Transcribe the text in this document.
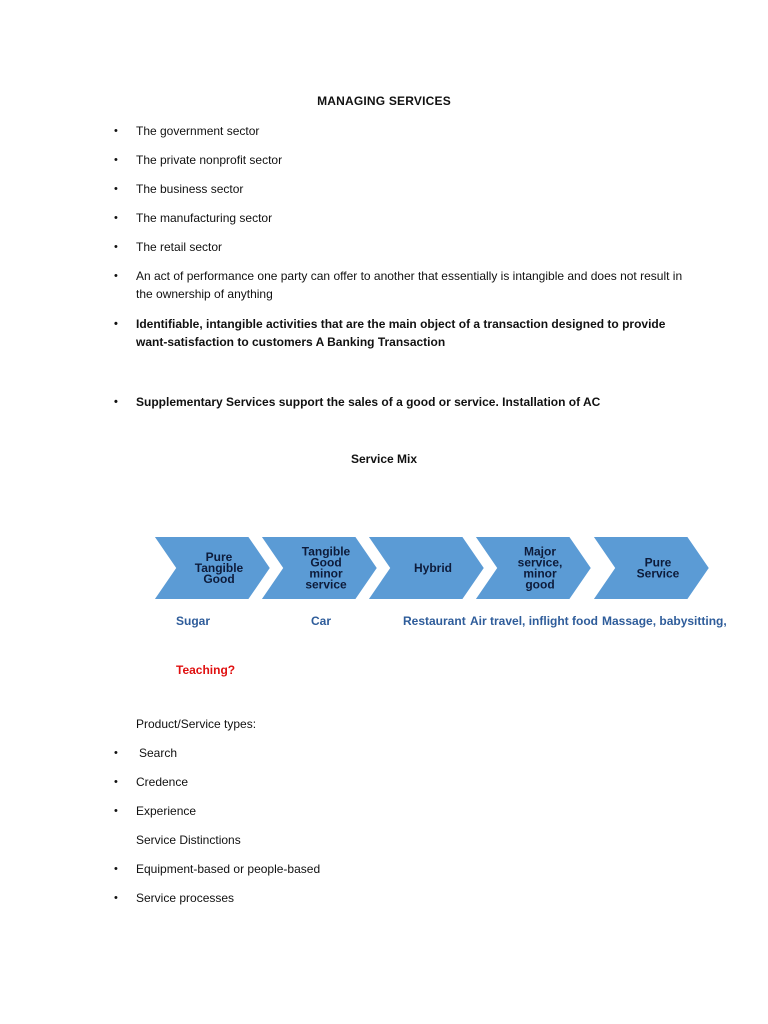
MANAGING SERVICES
• The government sector
• The private nonprofit sector
• The business sector
• The manufacturing sector
• The retail sector
• An act of performance one party can offer to another that essentially is intangible and does not result in the ownership of anything
• Identifiable, intangible activities that are the main object of a transaction designed to provide want-satisfaction to customers A Banking Transaction
• Supplementary Services support the sales of a good or service. Installation of AC
Service Mix
Pure Tangible Good
Tangible Good minor service
Hybrid
Major service, minor good
Pure Service
Sugar	Car	Restaurant Air travel, inflight food Massage, babysitting,
Teaching?
Product/Service types:
• Search
• Credence
• Experience
Service Distinctions
• Equipment-based or people-based
• Service processes
